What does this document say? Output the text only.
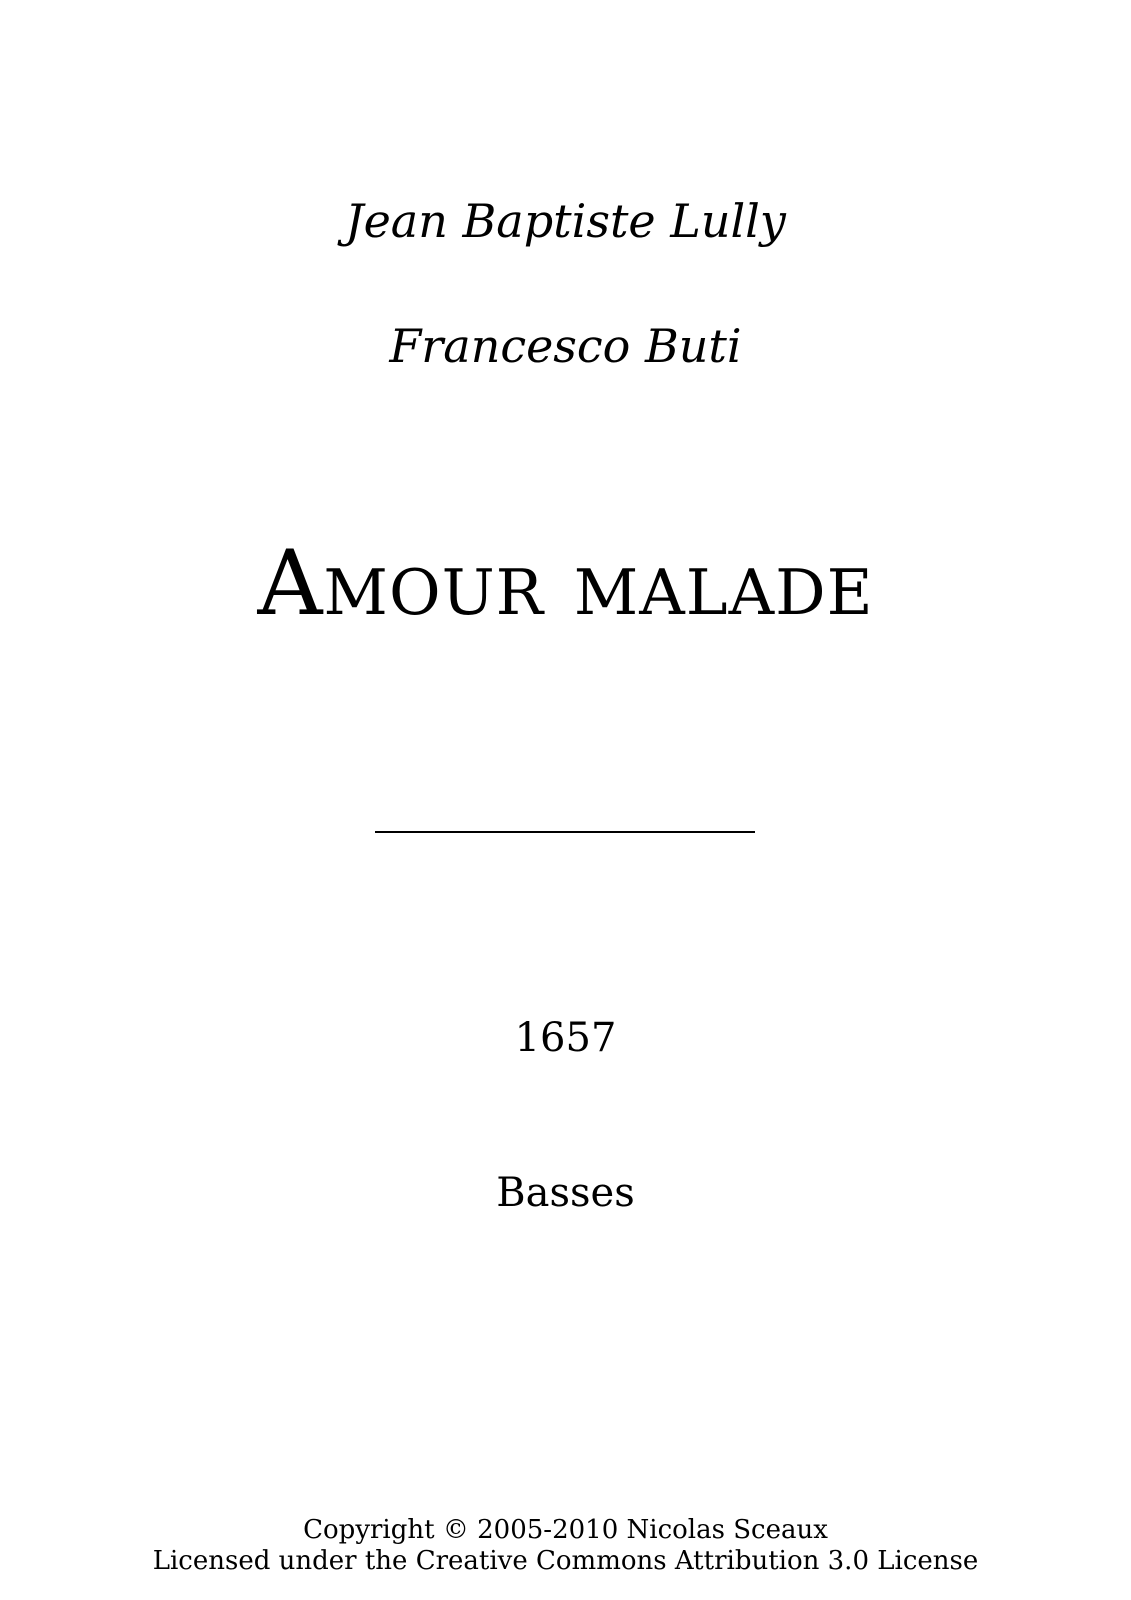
Jean Baptiste Lully
Francesco Buti
Amour malade
1657
Basses
Copyright © 2005-2010 Nicolas Sceaux
Licensed under the Creative Commons Attribution 3.0 License
